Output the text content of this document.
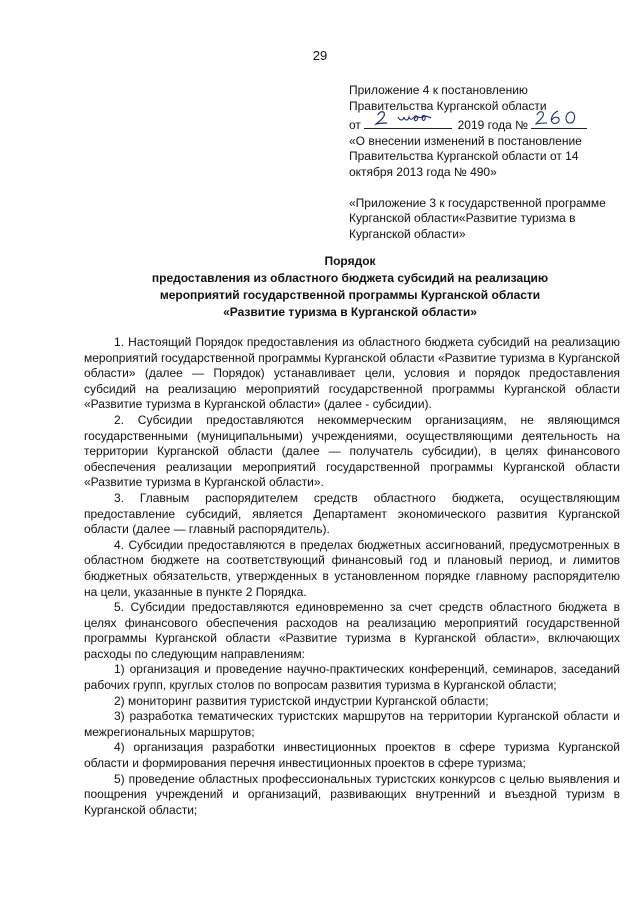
29
Приложение 4 к постановлению
Правительства Курганской области
от	2019 года №
«О внесении изменений в постановление Правительства Курганской области от 14 октября 2013 года № 490»
«Приложение 3 к государственной программе Курганской области«Развитие туризма в Курганской области»
Порядок
предоставления из областного бюджета субсидий на реализацию
мероприятий государственной программы Курганской области
«Развитие туризма в Курганской области»

1. Настоящий Порядок предоставления из областного бюджета субсидий на реализацию мероприятий государственной программы Курганской области «Развитие туризма в Курганской области» (далее — Порядок) устанавливает цели, условия и порядок предоставления субсидий на реализацию мероприятий государственной программы Курганской области «Развитие туризма в Курганской области» (далее - субсидии).

2. Субсидии предоставляются некоммерческим организациям, не являющимся государственными (муниципальными) учреждениями, осуществляющими деятельность на территории Курганской области (далее — получатель субсидии), в целях финансового обеспечения реализации мероприятий государственной программы Курганской области «Развитие туризма в Курганской области».

3. Главным распорядителем средств областного бюджета, осуществляющим предоставление субсидий, является Департамент экономического развития Курганской области (далее — главный распорядитель).

4. Субсидии предоставляются в пределах бюджетных ассигнований, предусмотренных в областном бюджете на соответствующий финансовый год и плановый период, и лимитов бюджетных обязательств, утвержденных в установленном порядке главному распорядителю на цели, указанные в пункте 2 Порядка.

5. Субсидии предоставляются единовременно за счет средств областного бюджета в целях финансового обеспечения расходов на реализацию мероприятий государственной программы Курганской области «Развитие туризма в Курганской области», включающих расходы по следующим направлениям:

1) организация и проведение научно-практических конференций, семинаров, заседаний рабочих групп, круглых столов по вопросам развития туризма в Курганской области;

2) мониторинг развития туристской индустрии Курганской области;

3) разработка тематических туристских маршрутов на территории Курганской области и межрегиональных маршрутов;

4) организация разработки инвестиционных проектов в сфере туризма Курганской области и формирования перечня инвестиционных проектов в сфере туризма;

5) проведение областных профессиональных туристских конкурсов с целью выявления и поощрения учреждений и организаций, развивающих внутренний и въездной туризм в Курганской области;
